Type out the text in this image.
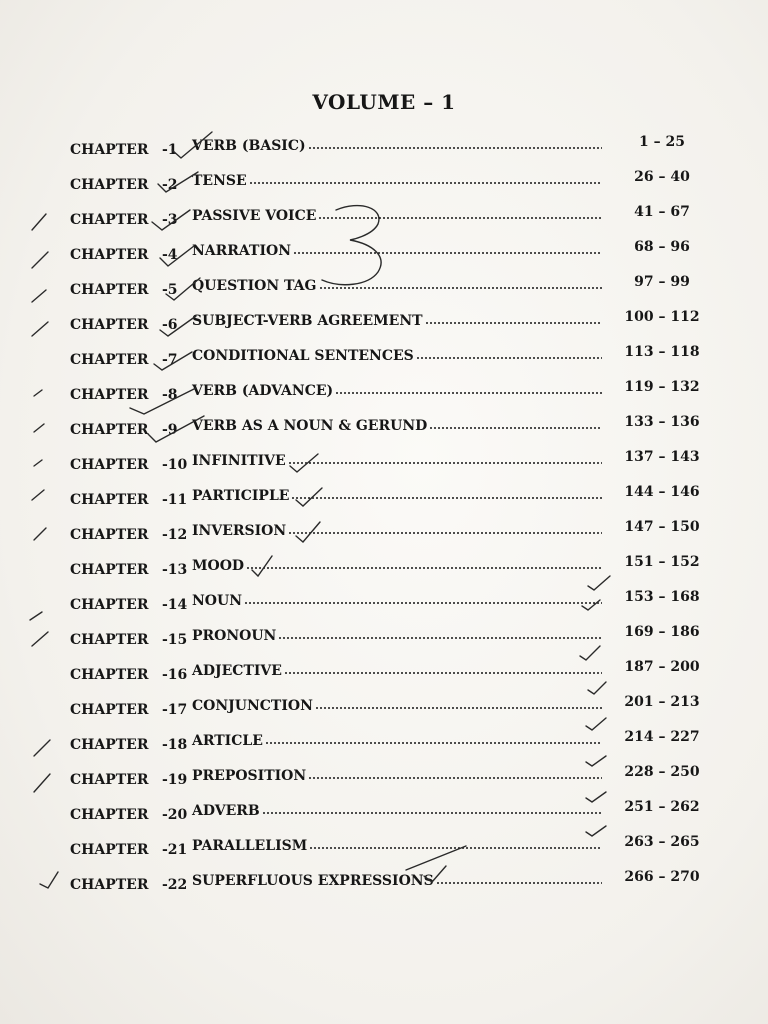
VOLUME – 1
CHAPTER -1	VERB (BASIC)	1 – 25
CHAPTER -2	TENSE	26 – 40
CHAPTER -3	PASSIVE VOICE	41 – 67
CHAPTER -4	NARRATION	68 – 96
CHAPTER -5	QUESTION TAG	97 – 99
CHAPTER -6	SUBJECT-VERB AGREEMENT	100 – 112
CHAPTER -7	CONDITIONAL SENTENCES	113 – 118
CHAPTER -8	VERB (ADVANCE)	119 – 132
CHAPTER -9	VERB AS A NOUN & GERUND	133 – 136
CHAPTER -10 INFINITIVE	137 – 143
CHAPTER -11 PARTICIPLE	144 – 146
CHAPTER -12 INVERSION	147 – 150
CHAPTER -13 MOOD	151 – 152
CHAPTER -14 NOUN	153 – 168
CHAPTER -15 PRONOUN	169 – 186
CHAPTER -16 ADJECTIVE	187 – 200
CHAPTER -17 CONJUNCTION	201 – 213
CHAPTER -18 ARTICLE	214 – 227
CHAPTER -19 PREPOSITION	228 – 250
CHAPTER -20 ADVERB	251 – 262
CHAPTER -21 PARALLELISM	263 – 265
CHAPTER -22 SUPERFLUOUS EXPRESSIONS	266 – 270
